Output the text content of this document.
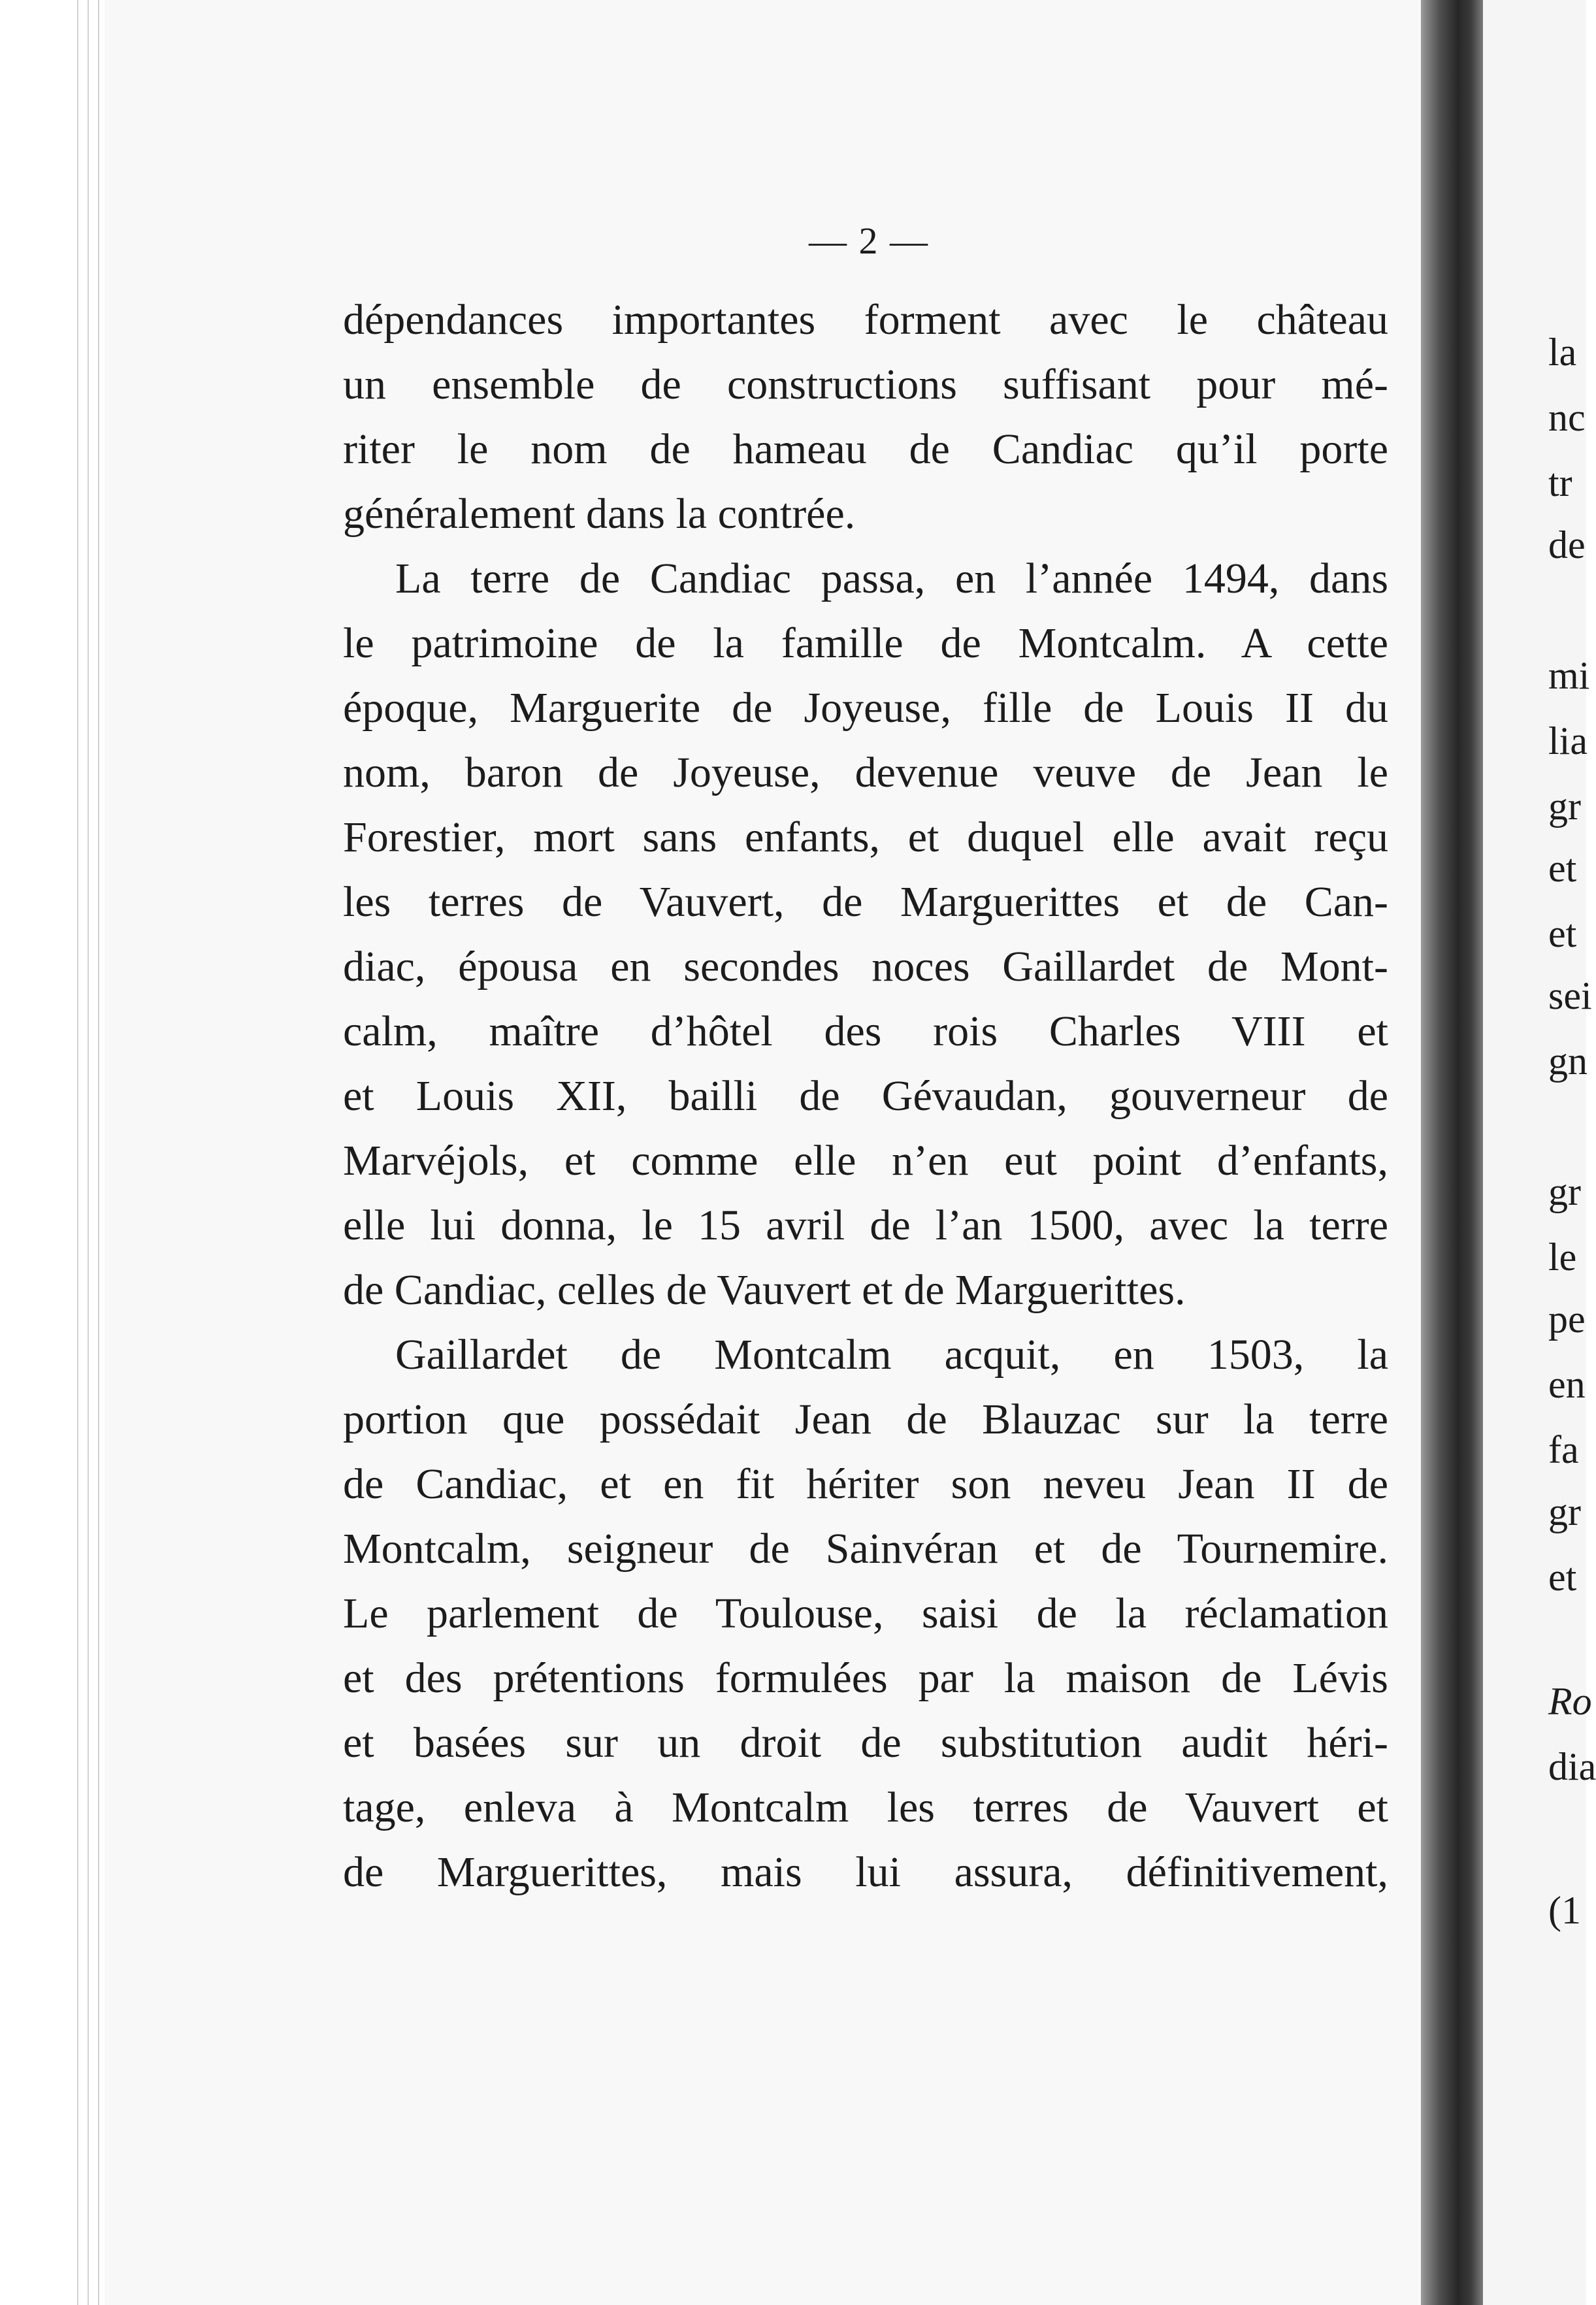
— 2 —
dépendances importantes forment avec le château
un ensemble de constructions suffisant pour mé-
riter le nom de hameau de Candiac qu’il porte
généralement dans la contrée.
La terre de Candiac passa, en l’année 1494, dans
le patrimoine de la famille de Montcalm. A cette
époque, Marguerite de Joyeuse, fille de Louis II du
nom, baron de Joyeuse, devenue veuve de Jean le
Forestier, mort sans enfants, et duquel elle avait reçu
les terres de Vauvert, de Marguerittes et de Can-
diac, épousa en secondes noces Gaillardet de Mont-
calm, maître d’hôtel des rois Charles VIII et
et Louis XII, bailli de Gévaudan, gouverneur de
Marvéjols, et comme elle n’en eut point d’enfants,
elle lui donna, le 15 avril de l’an 1500, avec la terre
de Candiac, celles de Vauvert et de Marguerittes.
Gaillardet de Montcalm acquit, en 1503, la
portion que possédait Jean de Blauzac sur la terre
de Candiac, et en fit hériter son neveu Jean II de
Montcalm, seigneur de Sainvéran et de Tournemire.
Le parlement de Toulouse, saisi de la réclamation
et des prétentions formulées par la maison de Lévis
et basées sur un droit de substitution audit héri-
tage, enleva à Montcalm les terres de Vauvert et
de Marguerittes, mais lui assura, définitivement,
la
nc
tr
de
mi
lia
gr
et
et
sei
gn
gr
le
pe
en
fa
gr
et
Ro
dia
(1
